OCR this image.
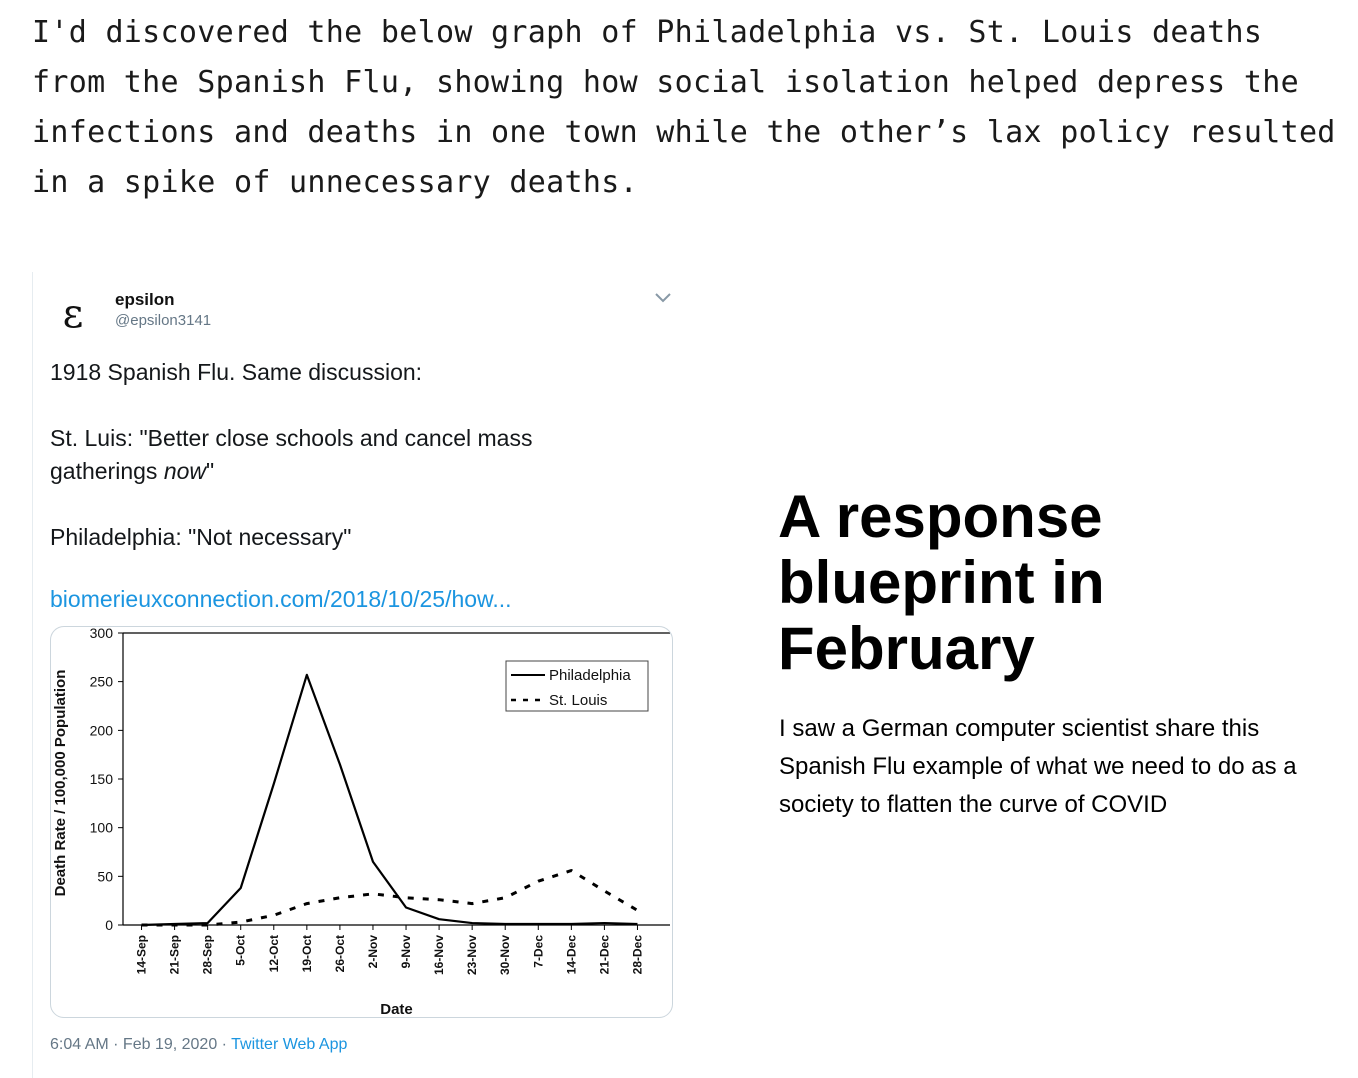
I'd discovered the below graph of Philadelphia vs. St. Louis deaths from the Spanish Flu, showing how social isolation helped depress the infections and deaths in one town while the other’s lax policy resulted in a spike of unnecessary deaths.

ε	epsilon
@epsilon3141

1918 Spanish Flu. Same discussion:

St. Luis: "Better close schools and cancel mass gatherings now"

Philadelphia: "Not necessary"

biomerieuxconnection.com/2018/10/25/how...
0
50
100
150
200
250
300
14-Sep 21-Sep 28-Sep 5-Oct 12-Oct 19-Oct 26-Oct 2-Nov 9-Nov 16-Nov 23-Nov 30-Nov 7-Dec 14-Dec 21-Dec 28-Dec
Date
Death Rate / 100,000 Population	Philadelphia
St. Louis
6:04 AM · Feb 19, 2020 · Twitter Web App
A response blueprint in February

I saw a German computer scientist share this Spanish Flu example of what we need to do as a society to flatten the curve of COVID
